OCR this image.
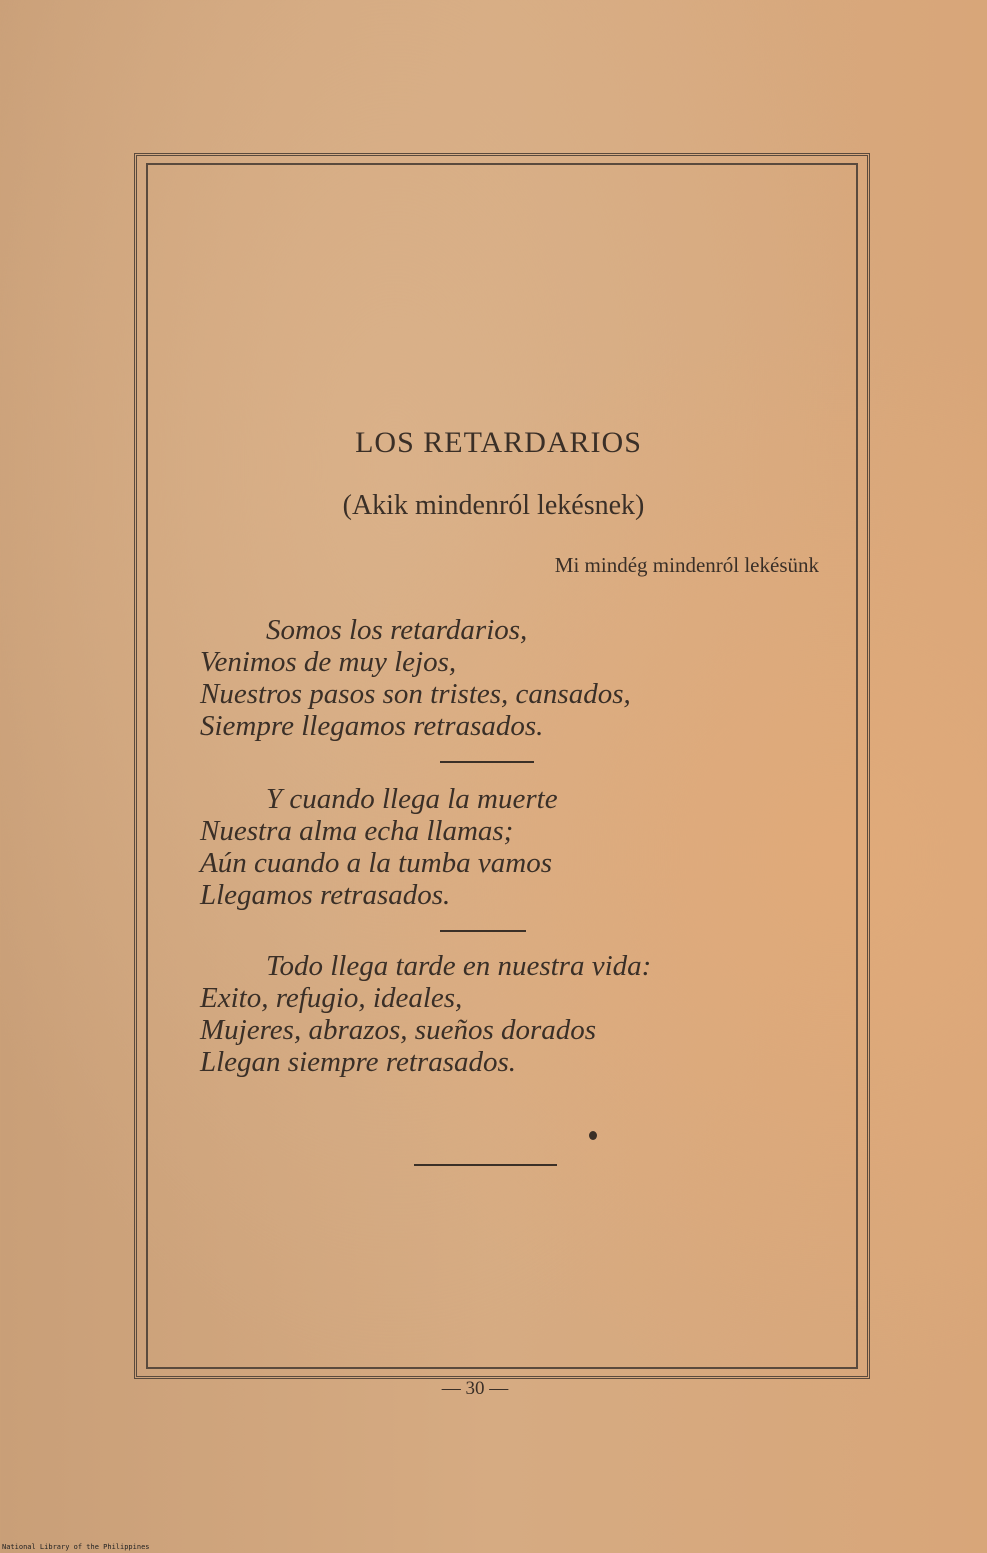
LOS RETARDARIOS
(Akik mindenról lekésnek)
Mi mindég mindenról lekésünk
Somos los retardarios,
Venimos de muy lejos,
Nuestros pasos son tristes, cansados,
Siempre llegamos retrasados.
Y cuando llega la muerte
Nuestra alma echa llamas;
Aún cuando a la tumba vamos
Llegamos retrasados.
Todo llega tarde en nuestra vida:
Exito, refugio, ideales,
Mujeres, abrazos, sueños dorados
Llegan siempre retrasados.
— 30 —
National Library of the Philippines
